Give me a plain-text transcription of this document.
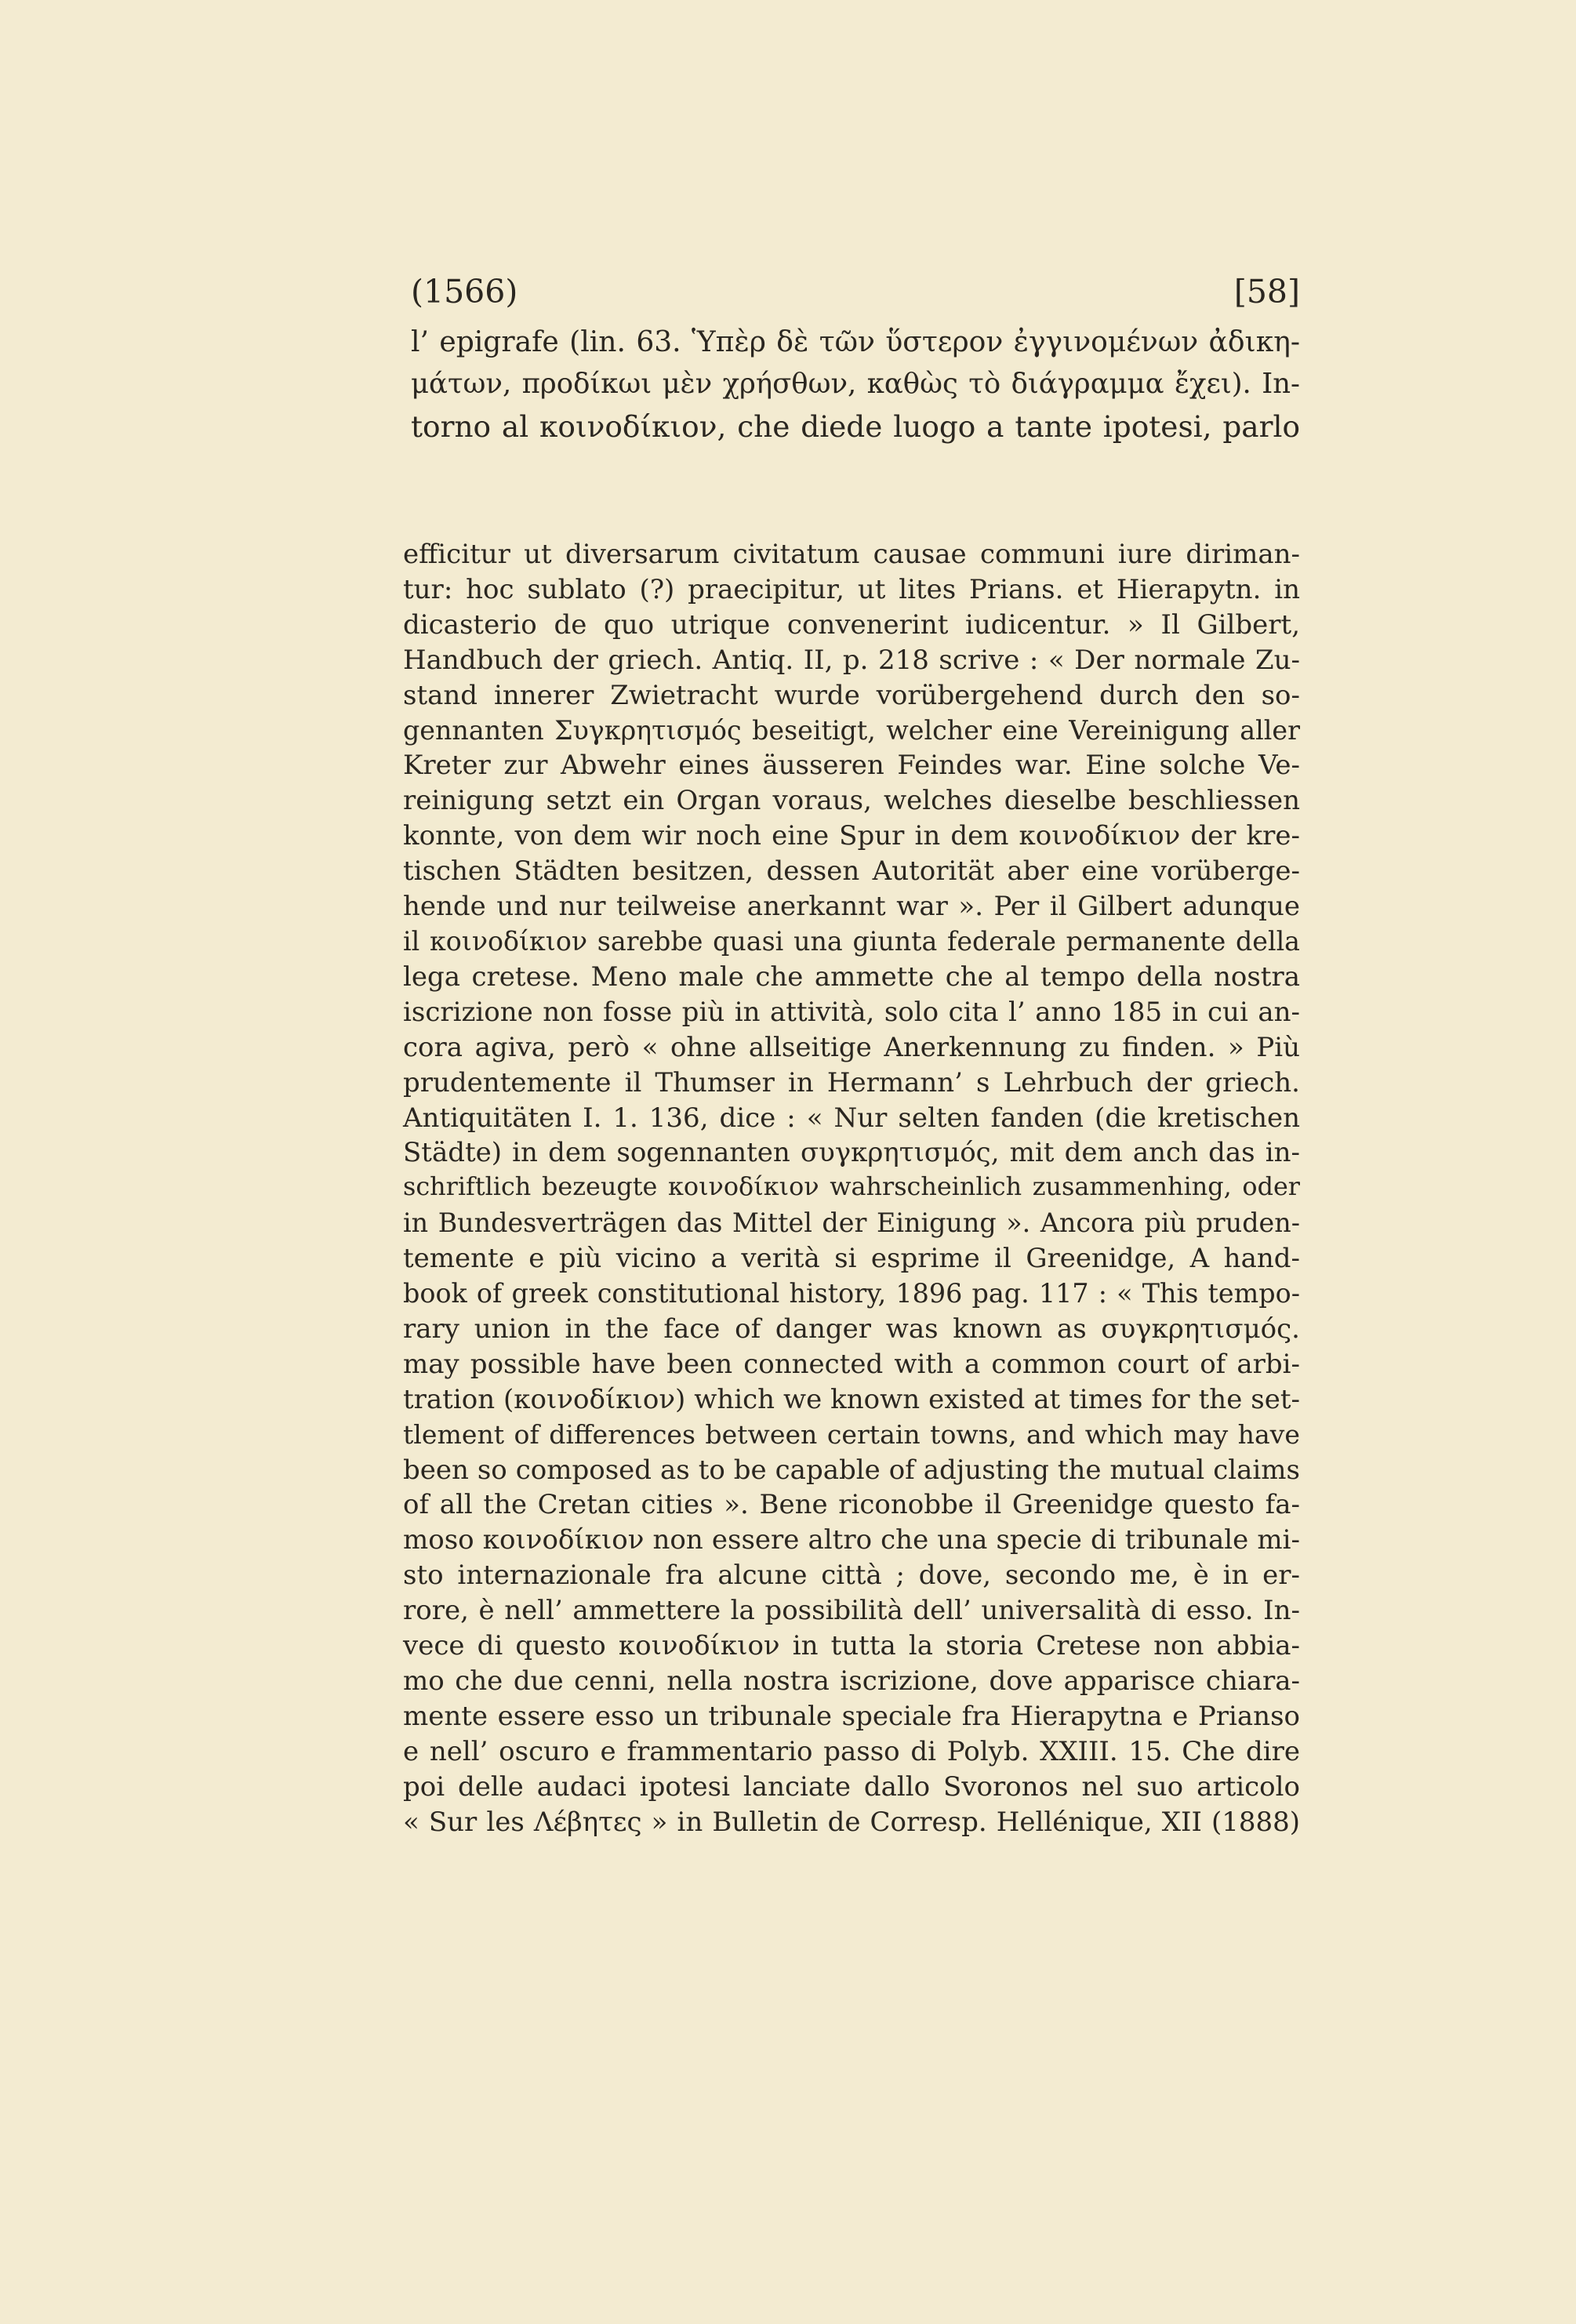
(1566)	[58]
l’ epigrafe (lin. 63. Ὑπὲρ δὲ τῶν ὕστερον ἐγγινομένων ἀδικη-
μάτων, προδίκωι μὲν χρήσθων, καθὼς τὸ διάγραμμα ἔχει). In-
torno al κοινοδίκιον, che diede luogo a tante ipotesi, parlo
efficitur ut diversarum civitatum causae communi iure diriman-
tur: hoc sublato (?) praecipitur, ut lites Prians. et Hierapytn. in
dicasterio de quo utrique convenerint iudicentur. » Il Gilbert,
Handbuch der griech. Antiq. II, p. 218 scrive : « Der normale Zu-
stand innerer Zwietracht wurde vorübergehend durch den so-
gennanten Συγκρητισμός beseitigt, welcher eine Vereinigung aller
Kreter zur Abwehr eines äusseren Feindes war. Eine solche Ve-
reinigung setzt ein Organ voraus, welches dieselbe beschliessen
konnte, von dem wir noch eine Spur in dem κοινοδίκιον der kre-
tischen Städten besitzen, dessen Autorität aber eine vorüberge-
hende und nur teilweise anerkannt war ». Per il Gilbert adunque
il κοινοδίκιον sarebbe quasi una giunta federale permanente della
lega cretese. Meno male che ammette che al tempo della nostra
iscrizione non fosse più in attività, solo cita l’ anno 185 in cui an-
cora agiva, però « ohne allseitige Anerkennung zu finden. » Più
prudentemente il Thumser in Hermann’ s Lehrbuch der griech.
Antiquitäten I. 1. 136, dice : « Nur selten fanden (die kretischen
Städte) in dem sogennanten συγκρητισμός, mit dem anch das in-
schriftlich bezeugte κοινοδίκιον wahrscheinlich zusammenhing, oder
in Bundesverträgen das Mittel der Einigung ». Ancora più pruden-
temente e più vicino a verità si esprime il Greenidge, A hand-
book of greek constitutional history, 1896 pag. 117 : « This tempo-
rary union in the face of danger was known as συγκρητισμός.
may possible have been connected with a common court of arbi-
tration (κοινοδίκιον) which we known existed at times for the set-
tlement of differences between certain towns, and which may have
been so composed as to be capable of adjusting the mutual claims
of all the Cretan cities ». Bene riconobbe il Greenidge questo fa-
moso κοινοδίκιον non essere altro che una specie di tribunale mi-
sto internazionale fra alcune città ; dove, secondo me, è in er-
rore, è nell’ ammettere la possibilità dell’ universalità di esso. In-
vece di questo κοινοδίκιον in tutta la storia Cretese non abbia-
mo che due cenni, nella nostra iscrizione, dove apparisce chiara-
mente essere esso un tribunale speciale fra Hierapytna e Prianso
e nell’ oscuro e frammentario passo di Polyb. XXIII. 15. Che dire
poi delle audaci ipotesi lanciate dallo Svoronos nel suo articolo
« Sur les Λέβητες » in Bulletin de Corresp. Hellénique, XII (1888)
